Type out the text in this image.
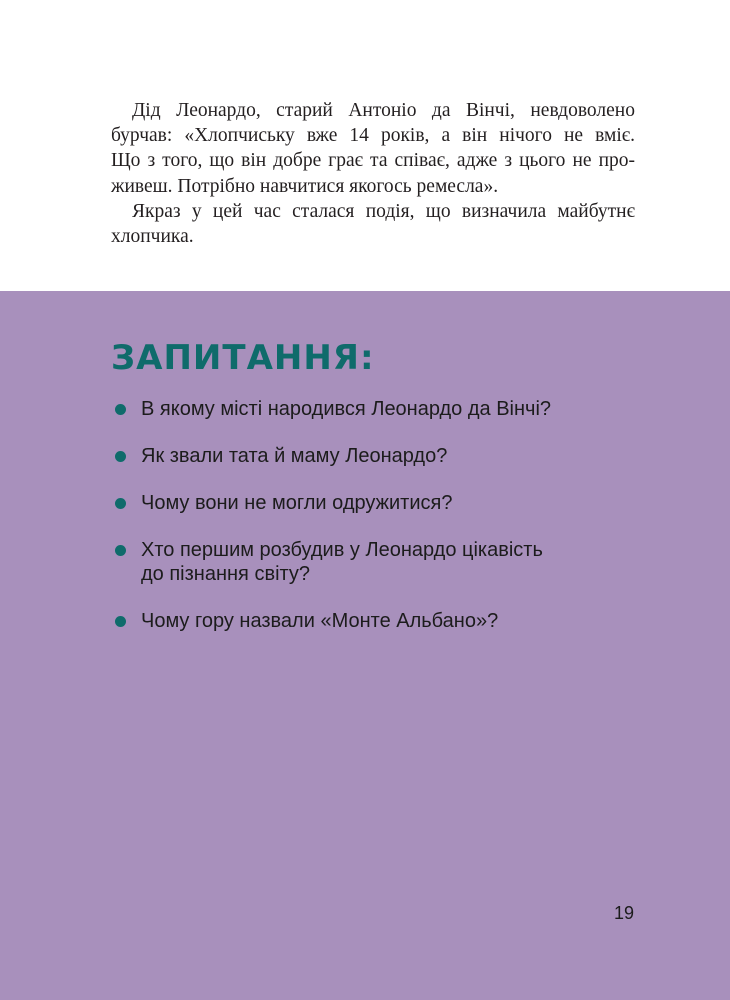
Дід Леонардо, старий Антоніо да Вінчі, невдоволено
бурчав: «Хлопчиську вже 14 років, а він нічого не вміє.
Що з того, що він добре грає та співає, адже з цього не про-
живеш. Потрібно навчитися якогось ремесла».

Якраз у цей час сталася подія, що визначила майбутнє
хлопчика.

ЗАПИТАННЯ:
В якому місті народився Леонардо да Вінчі?
Як звали тата й маму Леонардо?
Чому вони не могли одружитися?
Хто першим розбудив у Леонардо цікавість
до пізнання світу?
Чому гору назвали «Монте Альбано»?
19
